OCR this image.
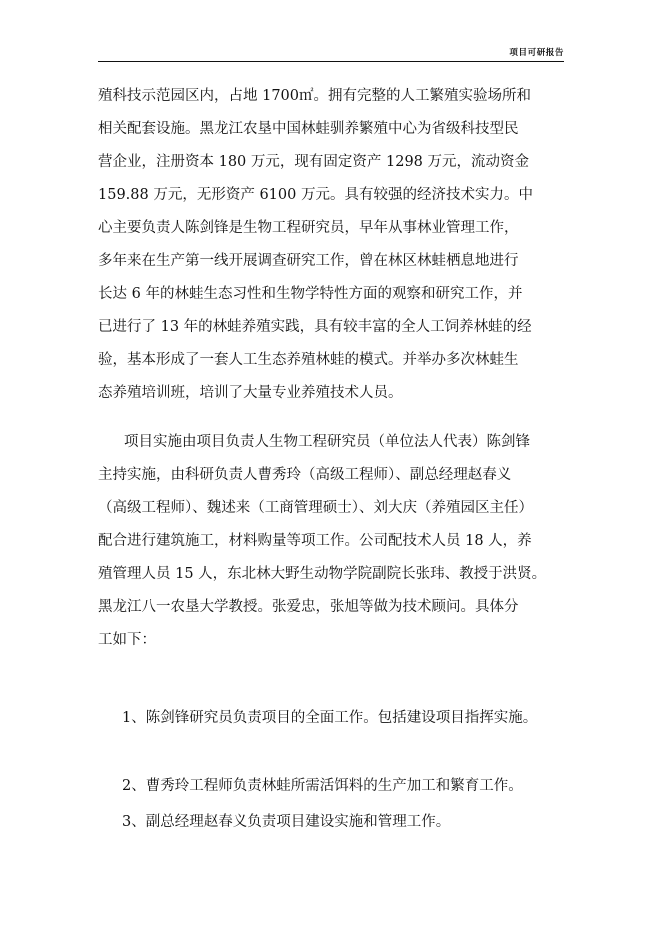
项目可研报告
殖科技示范园区内，占地 1700㎡。拥有完整的人工繁殖实验场所和
相关配套设施。黑龙江农垦中国林蛙驯养繁殖中心为省级科技型民
营企业，注册资本 180 万元，现有固定资产 1298 万元，流动资金
159.88 万元，无形资产 6100 万元。具有较强的经济技术实力。中
心主要负责人陈剑锋是生物工程研究员，早年从事林业管理工作，
多年来在生产第一线开展调查研究工作，曾在林区林蛙栖息地进行
长达 6 年的林蛙生态习性和生物学特性方面的观察和研究工作，并
已进行了 13 年的林蛙养殖实践，具有较丰富的全人工饲养林蛙的经
验，基本形成了一套人工生态养殖林蛙的模式。并举办多次林蛙生
态养殖培训班，培训了大量专业养殖技术人员。
项目实施由项目负责人生物工程研究员（单位法人代表）陈剑锋
主持实施，由科研负责人曹秀玲（高级工程师）、副总经理赵春义
（高级工程师）、魏述来（工商管理硕士）、刘大庆（养殖园区主任）
配合进行建筑施工，材料购量等项工作。公司配技术人员 18 人，养
殖管理人员 15 人，东北林大野生动物学院副院长张玮、教授于洪贤。
黑龙江八一农垦大学教授。张爱忠，张旭等做为技术顾问。具体分
工如下：
1、陈剑锋研究员负责项目的全面工作。包括建设项目指挥实施。
2、曹秀玲工程师负责林蛙所需活饵料的生产加工和繁育工作。
3、副总经理赵春义负责项目建设实施和管理工作。
